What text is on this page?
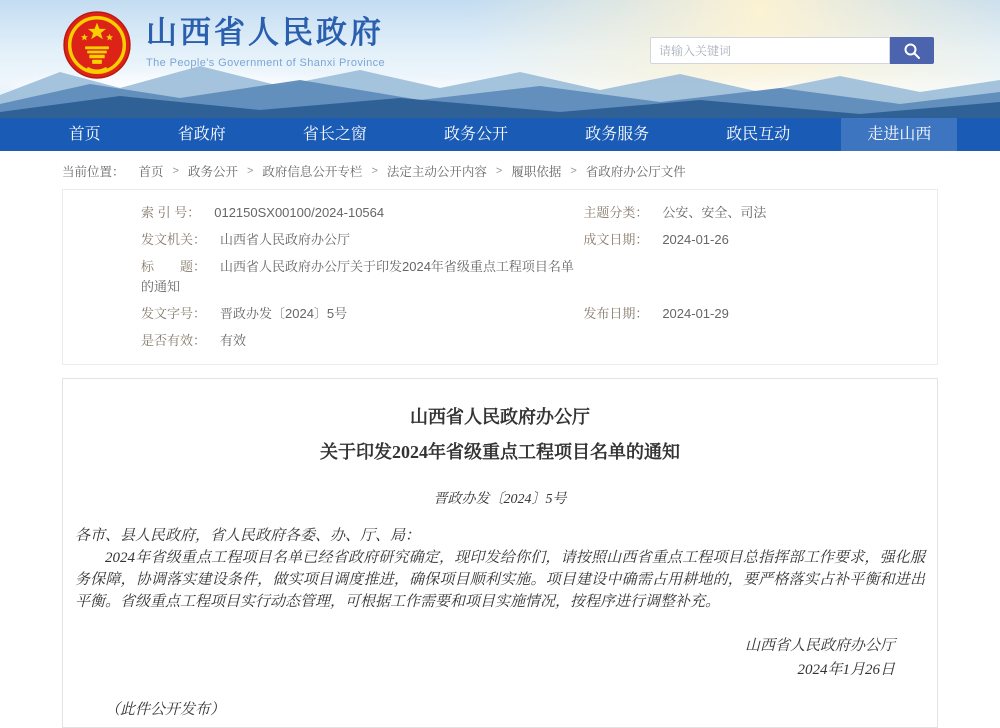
山西省人民政府
The People's Government of Shanxi Province
请输入关键词
首页	省政府	省长之窗	政务公开	政务服务	政民互动	走进山西
当前位置： 首页 > 政务公开 > 政府信息公开专栏 > 法定主动公开内容 > 履职依据 > 省政府办公厅文件
索 引 号： 012150SX00100/2024-10564	主题分类： 公安、安全、司法
发文机关： 山西省人民政府办公厅	成文日期： 2024-01-26
标　　题： 山西省人民政府办公厅关于印发2024年省级重点工程项目名单的通知
发文字号： 晋政办发〔2024〕5号	发布日期： 2024-01-29
是否有效： 有效
山西省人民政府办公厅
关于印发2024年省级重点工程项目名单的通知
晋政办发〔2024〕5号

各市、县人民政府，省人民政府各委、办、厅、局：

2024年省级重点工程项目名单已经省政府研究确定，现印发给你们，请按照山西省重点工程项目总指挥部工作要求，强化服务保障，协调落实建设条件，做实项目调度推进，确保项目顺利实施。项目建设中确需占用耕地的，要严格落实占补平衡和进出平衡。省级重点工程项目实行动态管理，可根据工作需要和项目实施情况，按程序进行调整补充。

山西省人民政府办公厅
2024年1月26日

（此件公开发布）
